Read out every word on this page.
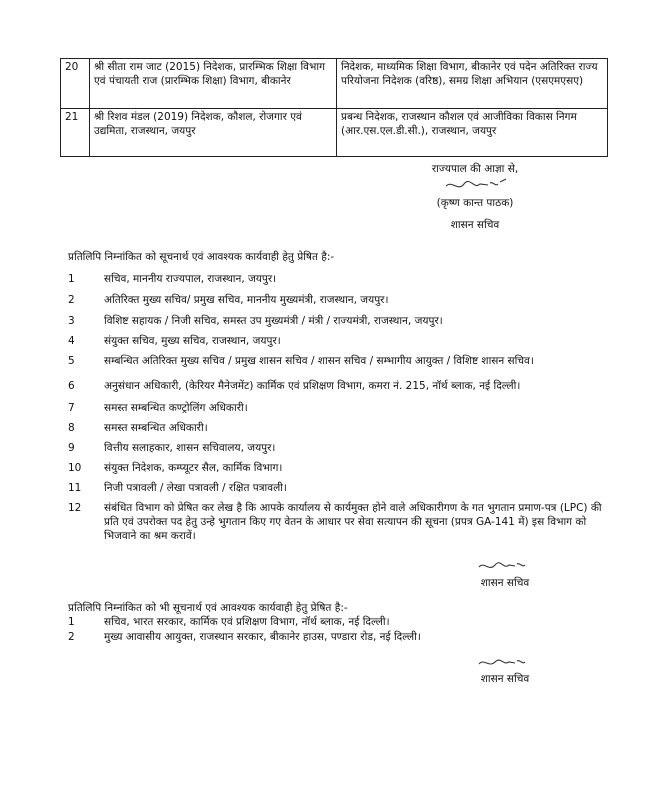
20	श्री सीता राम जाट (2015) निदेशक, प्रारम्भिक शिक्षा विभाग एवं पंचायती राज (प्रारम्भिक शिक्षा) विभाग, बीकानेर	निदेशक, माध्यमिक शिक्षा विभाग, बीकानेर एवं पदेन अतिरिक्त राज्य परियोजना निदेशक (वरिष्ठ), समग्र शिक्षा अभियान (एसएमएसए)
21	श्री रिशव मंडल (2019) निदेशक, कौशल, रोजगार एवं उद्यमिता, राजस्थान, जयपुर	प्रबन्ध निदेशक, राजस्थान कौशल एवं आजीविका विकास निगम (आर.एस.एल.डी.सी.), राजस्थान, जयपुर
राज्यपाल की आज्ञा से,
(कृष्ण कान्त पाठक)
शासन सचिव
प्रतिलिपि निम्नांकित को सूचनार्थ एवं आवश्यक कार्यवाही हेतु प्रेषित है:-
1	सचिव, माननीय राज्यपाल, राजस्थान, जयपुर।
2	अतिरिक्त मुख्य सचिव/ प्रमुख सचिव, माननीय मुख्यमंत्री, राजस्थान, जयपुर।
3	विशिष्ट सहायक / निजी सचिव, समस्त उप मुख्यमंत्री / मंत्री / राज्यमंत्री, राजस्थान, जयपुर।
4	संयुक्त सचिव, मुख्य सचिव, राजस्थान, जयपुर।
5	सम्बन्धित अतिरिक्त मुख्य सचिव / प्रमुख शासन सचिव / शासन सचिव / सम्भागीय आयुक्त / विशिष्ट शासन सचिव।
6	अनुसंधान अधिकारी, (केरियर मैनेजमेंट) कार्मिक एवं प्रशिक्षण विभाग, कमरा नं. 215, नॉर्थ ब्लाक, नई दिल्ली।
7	समस्त सम्बन्धित कण्ट्रोलिंग अधिकारी।
8	समस्त सम्बन्धित अधिकारी।
9	वित्तीय सलाहकार, शासन सचिवालय, जयपुर।
10	संयुक्त निदेशक, कम्प्यूटर सैल, कार्मिक विभाग।
11	निजी पत्रावली / लेखा पत्रावली / रक्षित पत्रावली।
12	संबंधित विभाग को प्रेषित कर लेख है कि आपके कार्यालय से कार्यमुक्त होने वाले अधिकारीगण के गत भुगतान प्रमाण-पत्र (LPC) की प्रति एवं उपरोक्त पद हेतु उन्हे भुगतान किए गए वेतन के आधार पर सेवा सत्यापन की सूचना (प्रपत्र GA-141 में) इस विभाग को भिजवाने का श्रम करावें।
शासन सचिव
प्रतिलिपि निम्नांकित को भी सूचनार्थ एवं आवश्यक कार्यवाही हेतु प्रेषित है:-
1	सचिव, भारत सरकार, कार्मिक एवं प्रशिक्षण विभाग, नॉर्थ ब्लाक, नई दिल्ली।
2	मुख्य आवासीय आयुक्त, राजस्थान सरकार, बीकानेर हाउस, पण्डारा रोड, नई दिल्ली।
शासन सचिव
